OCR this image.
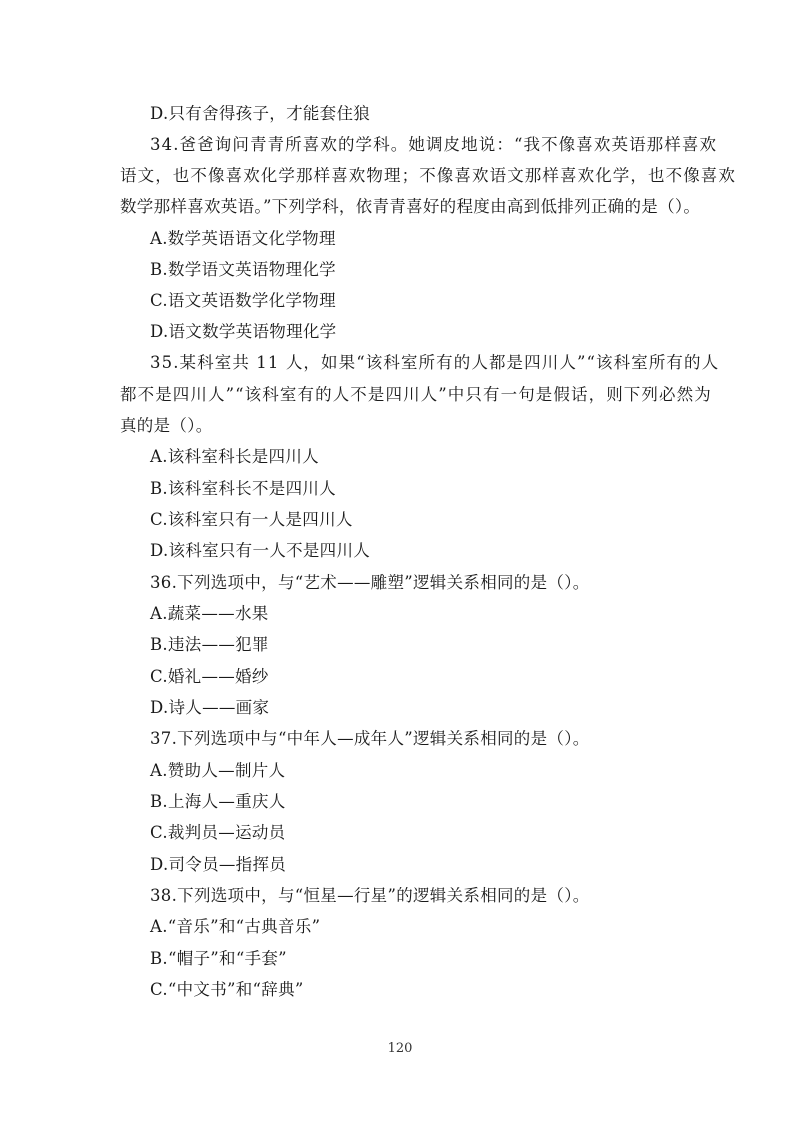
D.只有舍得孩子，才能套住狼
34.爸爸询问青青所喜欢的学科。她调皮地说：“我不像喜欢英语那样喜欢
语文，也不像喜欢化学那样喜欢物理；不像喜欢语文那样喜欢化学，也不像喜欢
数学那样喜欢英语。”下列学科，依青青喜好的程度由高到低排列正确的是（）。
A.数学英语语文化学物理
B.数学语文英语物理化学
C.语文英语数学化学物理
D.语文数学英语物理化学
35.某科室共 11 人，如果“该科室所有的人都是四川人”“该科室所有的人
都不是四川人”“该科室有的人不是四川人”中只有一句是假话，则下列必然为
真的是（）。
A.该科室科长是四川人
B.该科室科长不是四川人
C.该科室只有一人是四川人
D.该科室只有一人不是四川人
36.下列选项中，与“艺术——雕塑”逻辑关系相同的是（）。
A.蔬菜——水果
B.违法——犯罪
C.婚礼——婚纱
D.诗人——画家
37.下列选项中与“中年人—成年人”逻辑关系相同的是（）。
A.赞助人—制片人
B.上海人—重庆人
C.裁判员—运动员
D.司令员—指挥员
38.下列选项中，与“恒星—行星”的逻辑关系相同的是（）。
A.“音乐”和“古典音乐”
B.“帽子”和“手套”
C.“中文书”和“辞典”
120
